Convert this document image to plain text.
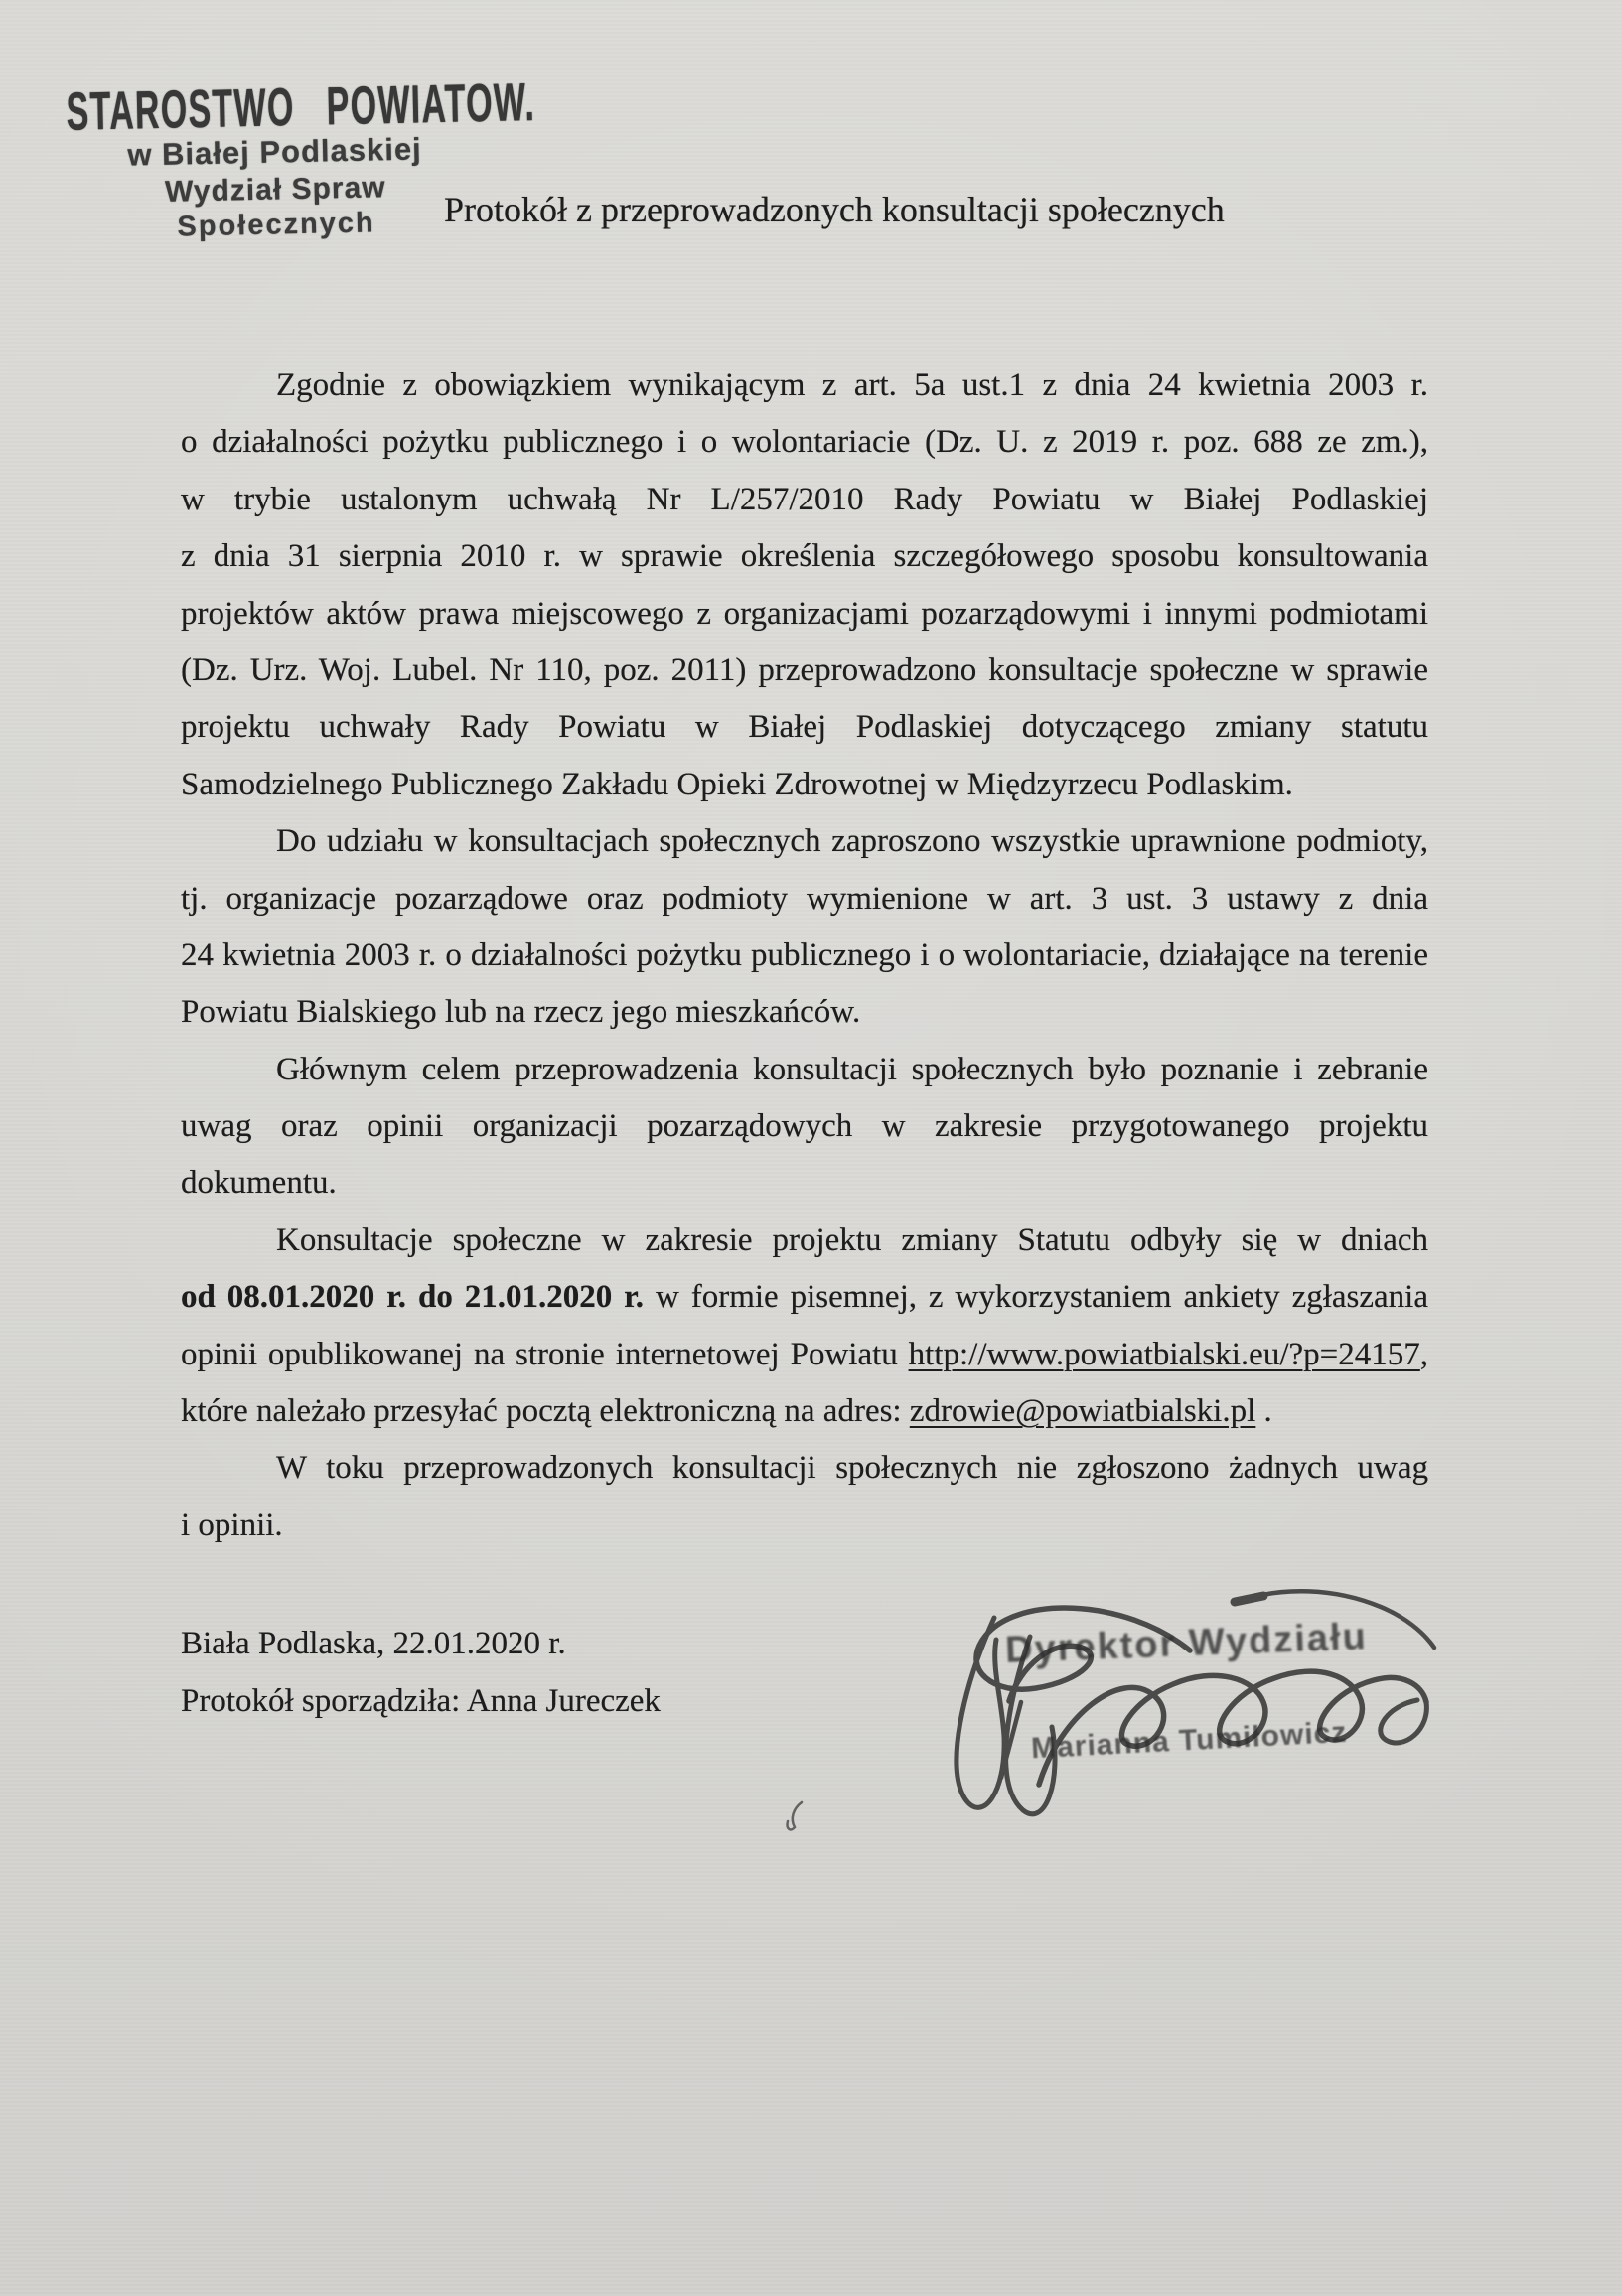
STAROSTWO POWIATOW.
w Białej Podlaskiej
Wydział Spraw
Społecznych	Protokół z przeprowadzonych konsultacji społecznych
Zgodnie z obowiązkiem wynikającym z art. 5a ust.1 z dnia 24 kwietnia 2003 r.
o działalności pożytku publicznego i o wolontariacie (Dz. U. z 2019 r. poz. 688 ze zm.),
w trybie ustalonym uchwałą Nr L/257/2010 Rady Powiatu w Białej Podlaskiej
z dnia 31 sierpnia 2010 r. w sprawie określenia szczegółowego sposobu konsultowania
projektów aktów prawa miejscowego z organizacjami pozarządowymi i innymi podmiotami
(Dz. Urz. Woj. Lubel. Nr 110, poz. 2011) przeprowadzono konsultacje społeczne w sprawie
projektu uchwały Rady Powiatu w Białej Podlaskiej dotyczącego zmiany statutu
Samodzielnego Publicznego Zakładu Opieki Zdrowotnej w Międzyrzecu Podlaskim.
Do udziału w konsultacjach społecznych zaproszono wszystkie uprawnione podmioty,
tj. organizacje pozarządowe oraz podmioty wymienione w art. 3 ust. 3 ustawy z dnia
24 kwietnia 2003 r. o działalności pożytku publicznego i o wolontariacie, działające na terenie
Powiatu Bialskiego lub na rzecz jego mieszkańców.
Głównym celem przeprowadzenia konsultacji społecznych było poznanie i zebranie
uwag oraz opinii organizacji pozarządowych w zakresie przygotowanego projektu
dokumentu.
Konsultacje społeczne w zakresie projektu zmiany Statutu odbyły się w dniach
od 08.01.2020 r. do 21.01.2020 r. w formie pisemnej, z wykorzystaniem ankiety zgłaszania
opinii opublikowanej na stronie internetowej Powiatu http://www.powiatbialski.eu/?p=24157,
które należało przesyłać pocztą elektroniczną na adres: zdrowie@powiatbialski.pl .
W toku przeprowadzonych konsultacji społecznych nie zgłoszono żadnych uwag
i opinii.
Biała Podlaska, 22.01.2020 r.
Protokół sporządziła: Anna Jureczek
Dyrektor Wydziału
Marianna Tumiłowicz
